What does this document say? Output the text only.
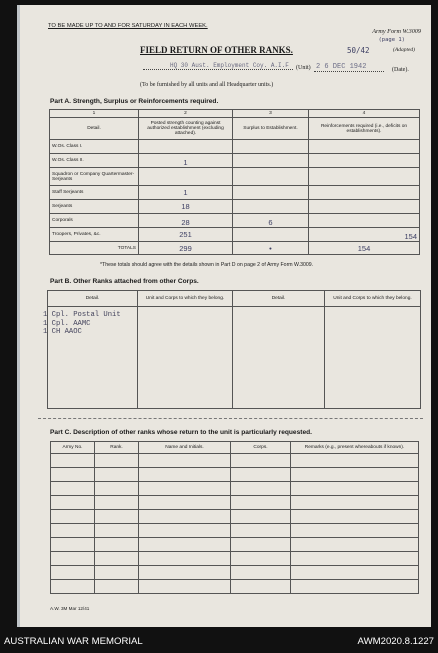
TO BE MADE UP TO AND FOR SATURDAY IN EACH WEEK.
Army Form W.3009
(page 1)
(Adapted)
FIELD RETURN OF OTHER RANKS.	50/42
HQ 30 Aust. Employment Coy. A.I.F (Unit) 2 6 DEC 1942	(Date).
(To be furnished by all units and all Headquarter units.)
Part A. Strength, Surplus or Reinforcements required.
1	2	3	4
Detail.	Posted strength counting against authorized establishment (excluding attached).	Surplus to Establishment.	Reinforcements required (i.e., deficits on establishments).
W.Os. Class I.			
W.Os. Class II.	1		
Squadron or Company Quartermaster-Serjeants			
Staff Serjeants	1		
Serjeants	18		
Corporals	28	6	
Troopers, Privates, &c.	251		154
TOTALS	299	•	154
*These totals should agree with the details shown in Part D on page 2 of Army Form W.3009.
Part B. Other Ranks attached from other Corps.
Detail.	Unit and Corps to which they belong.	Detail.	Unit and Corps to which they belong.

1 Cpl. Postal Unit
1 Cpl. AAMC
1 CH AAOC
Part C. Description of other ranks whose return to the unit is particularly requested.
Army No.	Rank.	Name and Initials.	Corps.	Remarks (e.g., present whereabouts if known).

A.W. 3M Mar 12/41
AUSTRALIAN WAR MEMORIAL	AWM2020.8.1227
